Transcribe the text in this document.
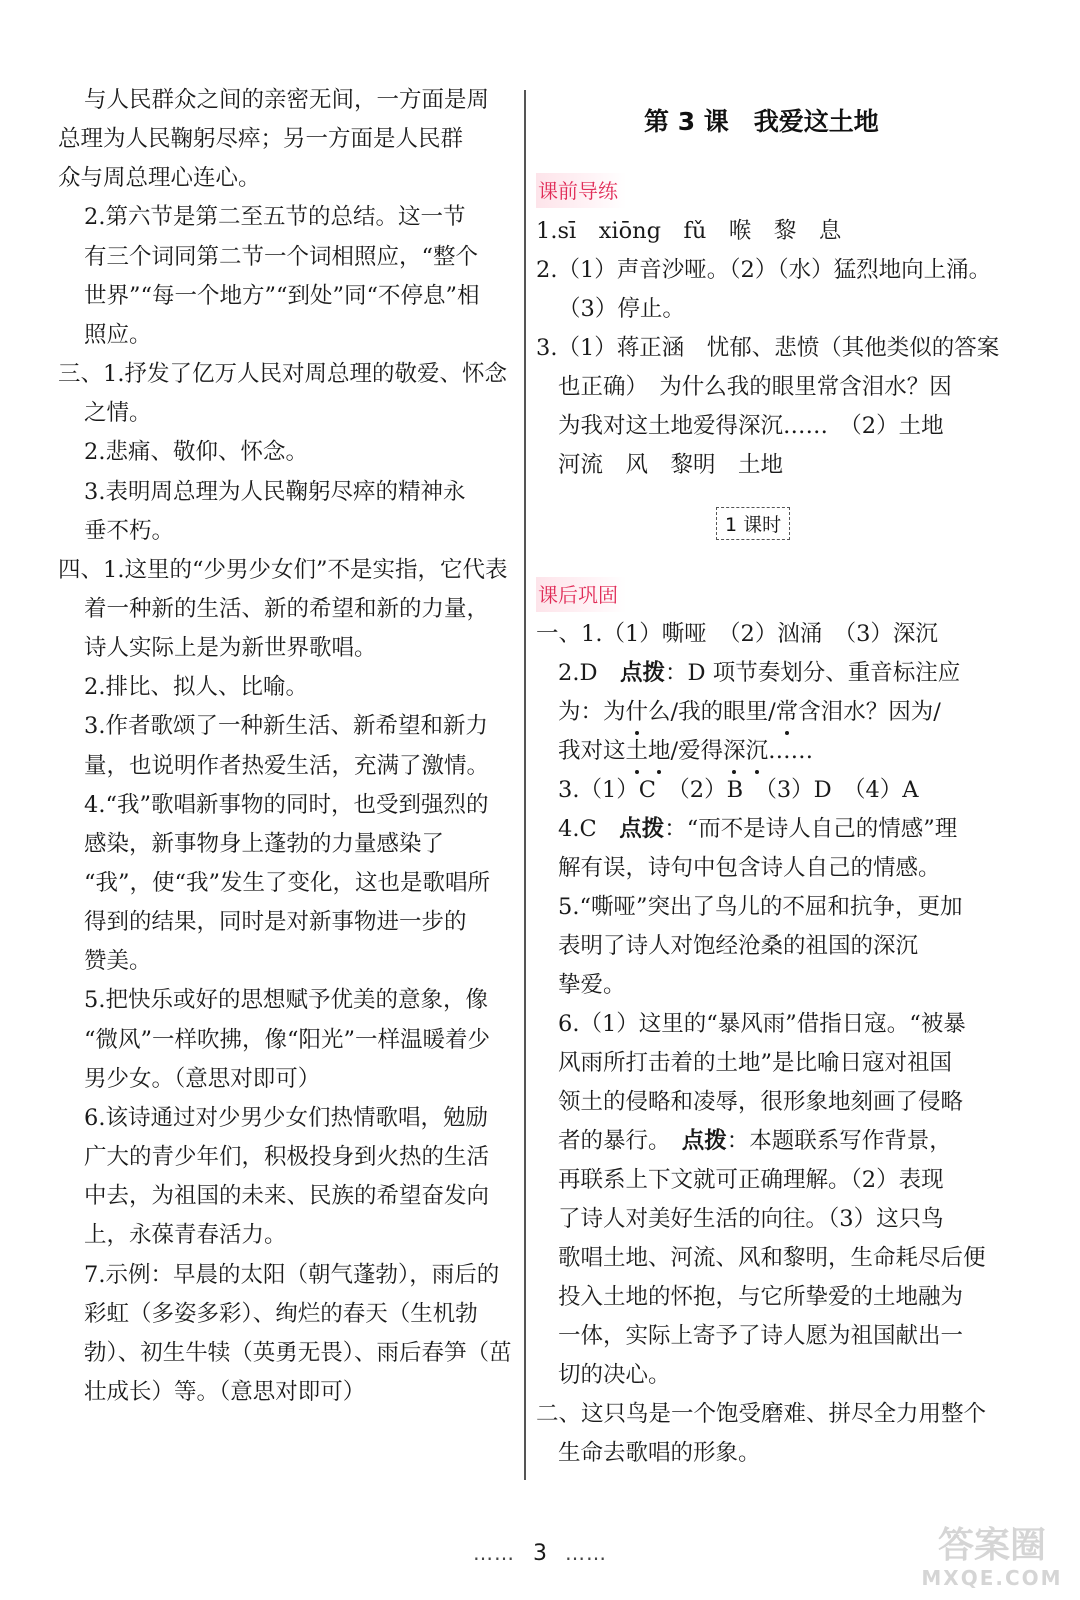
与人民群众之间的亲密无间，一方面是周
总理为人民鞠躬尽瘁；另一方面是人民群
众与周总理心连心。
2.第六节是第二至五节的总结。这一节
有三个词同第二节一个词相照应，“整个
世界”“每一个地方”“到处”同“不停息”相
照应。
三、1.抒发了亿万人民对周总理的敬爱、怀念
之情。
2.悲痛、敬仰、怀念。
3.表明周总理为人民鞠躬尽瘁的精神永
垂不朽。
四、1.这里的“少男少女们”不是实指，它代表
着一种新的生活、新的希望和新的力量，
诗人实际上是为新世界歌唱。
2.排比、拟人、比喻。
3.作者歌颂了一种新生活、新希望和新力
量，也说明作者热爱生活，充满了激情。
4.“我”歌唱新事物的同时，也受到强烈的
感染，新事物身上蓬勃的力量感染了
“我”，使“我”发生了变化，这也是歌唱所
得到的结果，同时是对新事物进一步的
赞美。
5.把快乐或好的思想赋予优美的意象，像
“微风”一样吹拂，像“阳光”一样温暖着少
男少女。（意思对即可）
6.该诗通过对少男少女们热情歌唱，勉励
广大的青少年们，积极投身到火热的生活
中去，为祖国的未来、民族的希望奋发向
上，永葆青春活力。
7.示例：早晨的太阳（朝气蓬勃），雨后的
彩虹（多姿多彩）、绚烂的春天（生机勃
勃）、初生牛犊（英勇无畏）、雨后春笋（茁
壮成长）等。（意思对即可）
第 3 课　我爱这土地
课前导练
1.sī　xiōng　fǔ　喉　黎　息
2.（1）声音沙哑。（2）（水）猛烈地向上涌。
（3）停止。
3.（1）蒋正涵　忧郁、悲愤（其他类似的答案
也正确）　为什么我的眼里常含泪水？因
为我对这土地爱得深沉……　（2）土地
河流　风　黎明　土地
1 课时
课后巩固
一、1.（1）嘶哑　（2）汹涌　（3）深沉
2.D　点拨：D 项节奏划分、重音标注应
为：为什么/我的眼里/常含泪水？因为/
我对这土地/爱得深沉……
3.（1）C　（2）B　（3）D　（4）A
4.C　点拨：“而不是诗人自己的情感”理
解有误，诗句中包含诗人自己的情感。
5.“嘶哑”突出了鸟儿的不屈和抗争，更加
表明了诗人对饱经沧桑的祖国的深沉
挚爱。
6.（1）这里的“暴风雨”借指日寇。“被暴
风雨所打击着的土地”是比喻日寇对祖国
领土的侵略和凌辱，很形象地刻画了侵略
者的暴行。　点拨：本题联系写作背景，
再联系上下文就可正确理解。（2）表现
了诗人对美好生活的向往。（3）这只鸟
歌唱土地、河流、风和黎明，生命耗尽后便
投入土地的怀抱，与它所挚爱的土地融为
一体，实际上寄予了诗人愿为祖国献出一
切的决心。
二、这只鸟是一个饱受磨难、拼尽全力用整个
生命去歌唱的形象。
…… 3 ……	答案圈
MXQE.COM
